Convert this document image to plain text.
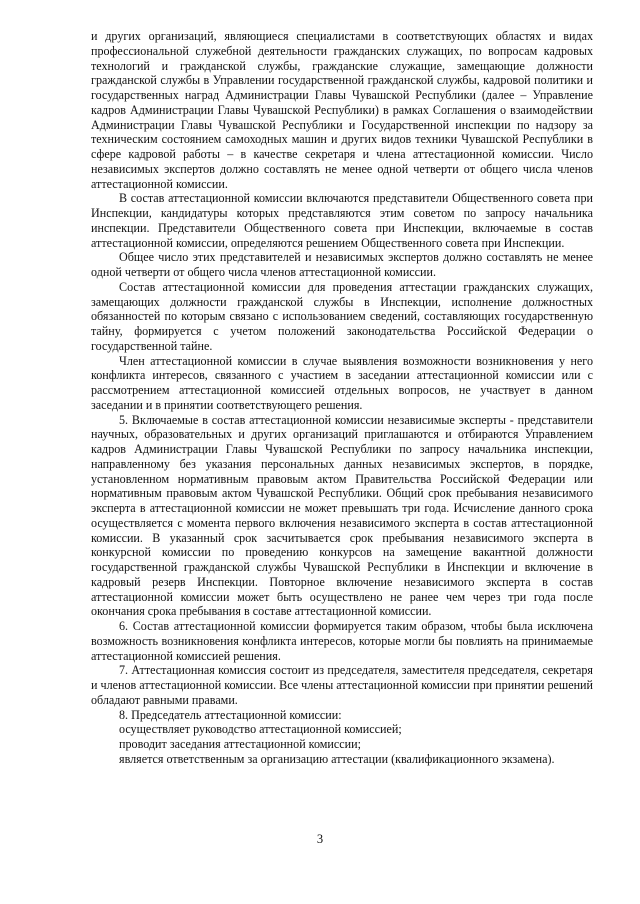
и других организаций, являющиеся специалистами в соответствующих областях и видах профессиональной служебной деятельности гражданских служащих, по вопросам кадровых технологий и гражданской службы, гражданские служащие, замещающие должности гражданской службы в Управлении государственной гражданской службы, кадровой политики и государственных наград Администрации Главы Чувашской Республики (далее – Управление кадров Администрации Главы Чувашской Республики) в рамках Соглашения о взаимодействии Администрации Главы Чувашской Республики и Государственной инспекции по надзору за техническим состоянием самоходных машин и других видов техники Чувашской Республики в сфере кадровой работы – в качестве секретаря и члена аттестационной комиссии. Число независимых экспертов должно составлять не менее одной четверти от общего числа членов аттестационной комиссии.

В состав аттестационной комиссии включаются представители Общественного совета при Инспекции, кандидатуры которых представляются этим советом по запросу начальника инспекции. Представители Общественного совета при Инспекции, включаемые в состав аттестационной комиссии, определяются решением Общественного совета при Инспекции.

Общее число этих представителей и независимых экспертов должно составлять не менее одной четверти от общего числа членов аттестационной комиссии.

Состав аттестационной комиссии для проведения аттестации гражданских служащих, замещающих должности гражданской службы в Инспекции, исполнение должностных обязанностей по которым связано с использованием сведений, составляющих государственную тайну, формируется с учетом положений законодательства Российской Федерации о государственной тайне.

Член аттестационной комиссии в случае выявления возможности возникновения у него конфликта интересов, связанного с участием в заседании аттестационной комиссии или с рассмотрением аттестационной комиссией отдельных вопросов, не участвует в данном заседании и в принятии соответствующего решения.

5. Включаемые в состав аттестационной комиссии независимые эксперты - представители научных, образовательных и других организаций приглашаются и отбираются Управлением кадров Администрации Главы Чувашской Республики по запросу начальника инспекции, направленному без указания персональных данных независимых экспертов, в порядке, установленном нормативным правовым актом Правительства Российской Федерации или нормативным правовым актом Чувашской Республики. Общий срок пребывания независимого эксперта в аттестационной комиссии не может превышать три года. Исчисление данного срока осуществляется с момента первого включения независимого эксперта в состав аттестационной комиссии. В указанный срок засчитывается срок пребывания независимого эксперта в конкурсной комиссии по проведению конкурсов на замещение вакантной должности государственной гражданской службы Чувашской Республики в Инспекции и включение в кадровый резерв Инспекции. Повторное включение независимого эксперта в состав аттестационной комиссии может быть осуществлено не ранее чем через три года после окончания срока пребывания в составе аттестационной комиссии.

6. Состав аттестационной комиссии формируется таким образом, чтобы была исключена возможность возникновения конфликта интересов, которые могли бы повлиять на принимаемые аттестационной комиссией решения.

7. Аттестационная комиссия состоит из председателя, заместителя председателя, секретаря и членов аттестационной комиссии. Все члены аттестационной комиссии при принятии решений обладают равными правами.

8. Председатель аттестационной комиссии:

осуществляет руководство аттестационной комиссией;

проводит заседания аттестационной комиссии;

является ответственным за организацию аттестации (квалификационного экзамена).

3
